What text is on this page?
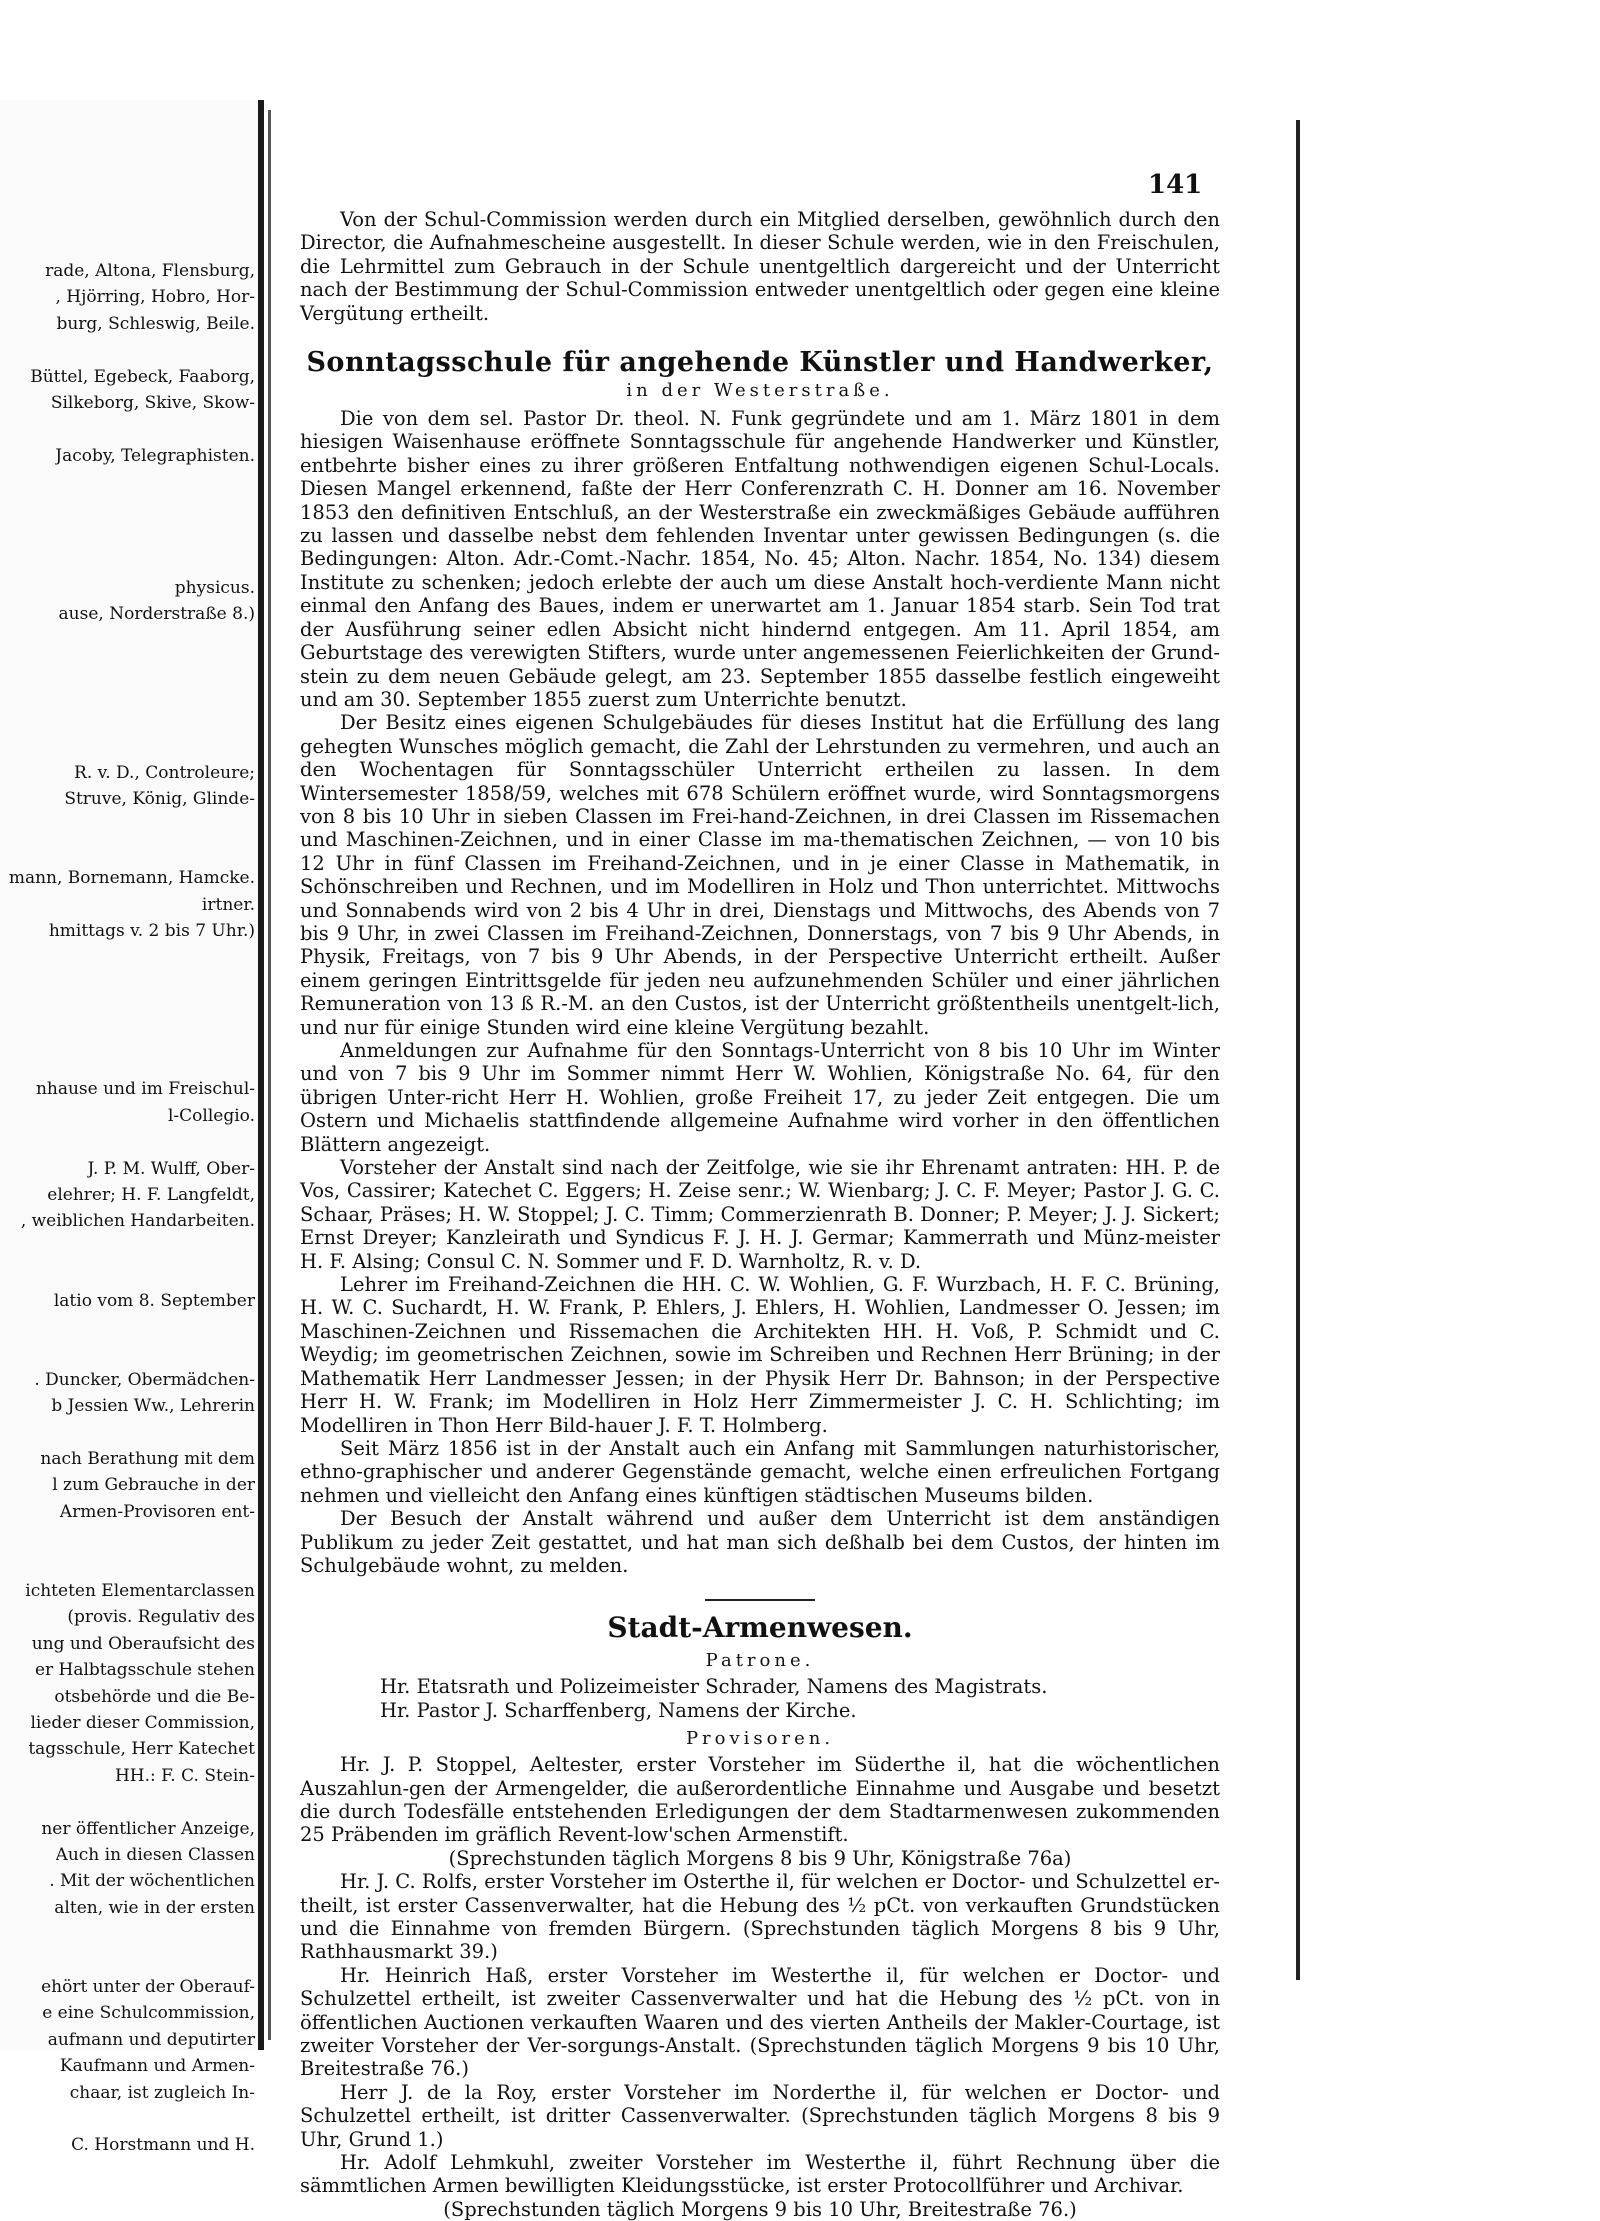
rade, Altona, Flensburg,
, Hjörring, Hobro, Hor-
burg, Schleswig, Beile.
Büttel, Egebeck, Faaborg,
Silkeborg, Skive, Skow-
Jacoby, Telegraphisten.
physicus.
ause, Norderstraße 8.)
R. v. D., Controleure;
Struve, König, Glinde-
mann, Bornemann, Hamcke.
irtner.
hmittags v. 2 bis 7 Uhr.)
nhause und im Freischul-
l-Collegio.
J. P. M. Wulff, Ober-
elehrer; H. F. Langfeldt,
, weiblichen Handarbeiten.
latio vom 8. September
. Duncker, Obermädchen-
b Jessien Ww., Lehrerin
nach Berathung mit dem
l zum Gebrauche in der
Armen-Provisoren ent-
ichteten Elementarclassen
(provis. Regulativ des
ung und Oberaufsicht des
er Halbtagsschule stehen
otsbehörde und die Be-
lieder dieser Commission,
tagsschule, Herr Katechet
HH.: F. C. Stein-
ner öffentlicher Anzeige,
Auch in diesen Classen
. Mit der wöchentlichen
alten, wie in der ersten
ehört unter der Oberauf-
e eine Schulcommission,
aufmann und deputirter
Kaufmann und Armen-
chaar, ist zugleich In-
C. Horstmann und H.
141

Von der Schul-Commission werden durch ein Mitglied derselben, gewöhnlich durch den Director, die Aufnahmescheine ausgestellt. In dieser Schule werden, wie in den Freischulen, die Lehrmittel zum Gebrauch in der Schule unentgeltlich dargereicht und der Unterricht nach der Bestimmung der Schul-Commission entweder unentgeltlich oder gegen eine kleine Vergütung ertheilt.

Sonntagsschule für angehende Künstler und Handwerker,
in der Westerstraße.

Die von dem sel. Pastor Dr. theol. N. Funk gegründete und am 1. März 1801 in dem hiesigen Waisenhause eröffnete Sonntagsschule für angehende Handwerker und Künstler, entbehrte bisher eines zu ihrer größeren Entfaltung nothwendigen eigenen Schul-Locals. Diesen Mangel erkennend, faßte der Herr Conferenzrath C. H. Donner am 16. November 1853 den definitiven Entschluß, an der Westerstraße ein zweckmäßiges Gebäude aufführen zu lassen und dasselbe nebst dem fehlenden Inventar unter gewissen Bedingungen (s. die Bedingungen: Alton. Adr.-Comt.-Nachr. 1854, No. 45; Alton. Nachr. 1854, No. 134) diesem Institute zu schenken; jedoch erlebte der auch um diese Anstalt hoch-verdiente Mann nicht einmal den Anfang des Baues, indem er unerwartet am 1. Januar 1854 starb. Sein Tod trat der Ausführung seiner edlen Absicht nicht hindernd entgegen. Am 11. April 1854, am Geburtstage des verewigten Stifters, wurde unter angemessenen Feierlichkeiten der Grund-stein zu dem neuen Gebäude gelegt, am 23. September 1855 dasselbe festlich eingeweiht und am 30. September 1855 zuerst zum Unterrichte benutzt.

Der Besitz eines eigenen Schulgebäudes für dieses Institut hat die Erfüllung des lang gehegten Wunsches möglich gemacht, die Zahl der Lehrstunden zu vermehren, und auch an den Wochentagen für Sonntagsschüler Unterricht ertheilen zu lassen. In dem Wintersemester 1858/59, welches mit 678 Schülern eröffnet wurde, wird Sonntagsmorgens von 8 bis 10 Uhr in sieben Classen im Frei-hand-Zeichnen, in drei Classen im Rissemachen und Maschinen-Zeichnen, und in einer Classe im ma-thematischen Zeichnen, — von 10 bis 12 Uhr in fünf Classen im Freihand-Zeichnen, und in je einer Classe in Mathematik, in Schönschreiben und Rechnen, und im Modelliren in Holz und Thon unterrichtet. Mittwochs und Sonnabends wird von 2 bis 4 Uhr in drei, Dienstags und Mittwochs, des Abends von 7 bis 9 Uhr, in zwei Classen im Freihand-Zeichnen, Donnerstags, von 7 bis 9 Uhr Abends, in Physik, Freitags, von 7 bis 9 Uhr Abends, in der Perspective Unterricht ertheilt. Außer einem geringen Eintrittsgelde für jeden neu aufzunehmenden Schüler und einer jährlichen Remuneration von 13 ß R.-M. an den Custos, ist der Unterricht größtentheils unentgelt-lich, und nur für einige Stunden wird eine kleine Vergütung bezahlt.

Anmeldungen zur Aufnahme für den Sonntags-Unterricht von 8 bis 10 Uhr im Winter und von 7 bis 9 Uhr im Sommer nimmt Herr W. Wohlien, Königstraße No. 64, für den übrigen Unter-richt Herr H. Wohlien, große Freiheit 17, zu jeder Zeit entgegen. Die um Ostern und Michaelis stattfindende allgemeine Aufnahme wird vorher in den öffentlichen Blättern angezeigt.

Vorsteher der Anstalt sind nach der Zeitfolge, wie sie ihr Ehrenamt antraten: HH. P. de Vos, Cassirer; Katechet C. Eggers; H. Zeise senr.; W. Wienbarg; J. C. F. Meyer; Pastor J. G. C. Schaar, Präses; H. W. Stoppel; J. C. Timm; Commerzienrath B. Donner; P. Meyer; J. J. Sickert; Ernst Dreyer; Kanzleirath und Syndicus F. J. H. J. Germar; Kammerrath und Münz-meister H. F. Alsing; Consul C. N. Sommer und F. D. Warnholtz, R. v. D.

Lehrer im Freihand-Zeichnen die HH. C. W. Wohlien, G. F. Wurzbach, H. F. C. Brüning, H. W. C. Suchardt, H. W. Frank, P. Ehlers, J. Ehlers, H. Wohlien, Landmesser O. Jessen; im Maschinen-Zeichnen und Rissemachen die Architekten HH. H. Voß, P. Schmidt und C. Weydig; im geometrischen Zeichnen, sowie im Schreiben und Rechnen Herr Brüning; in der Mathematik Herr Landmesser Jessen; in der Physik Herr Dr. Bahnson; in der Perspective Herr H. W. Frank; im Modelliren in Holz Herr Zimmermeister J. C. H. Schlichting; im Modelliren in Thon Herr Bild-hauer J. F. T. Holmberg.

Seit März 1856 ist in der Anstalt auch ein Anfang mit Sammlungen naturhistorischer, ethno-graphischer und anderer Gegenstände gemacht, welche einen erfreulichen Fortgang nehmen und vielleicht den Anfang eines künftigen städtischen Museums bilden.

Der Besuch der Anstalt während und außer dem Unterricht ist dem anständigen Publikum zu jeder Zeit gestattet, und hat man sich deßhalb bei dem Custos, der hinten im Schulgebäude wohnt, zu melden.

Stadt-Armenwesen.
Patrone.

Hr. Etatsrath und Polizeimeister Schrader, Namens des Magistrats.

Hr. Pastor J. Scharffenberg, Namens der Kirche.

Provisoren.

Hr. J. P. Stoppel, Aeltester, erster Vorsteher im Süderthe il, hat die wöchentlichen Auszahlun-gen der Armengelder, die außerordentliche Einnahme und Ausgabe und besetzt die durch Todesfälle entstehenden Erledigungen der dem Stadtarmenwesen zukommenden 25 Präbenden im gräflich Revent-low'schen Armenstift.

(Sprechstunden täglich Morgens 8 bis 9 Uhr, Königstraße 76a)

Hr. J. C. Rolfs, erster Vorsteher im Osterthe il, für welchen er Doctor- und Schulzettel er-theilt, ist erster Cassenverwalter, hat die Hebung des ½ pCt. von verkauften Grundstücken und die Einnahme von fremden Bürgern. (Sprechstunden täglich Morgens 8 bis 9 Uhr, Rathhausmarkt 39.)

Hr. Heinrich Haß, erster Vorsteher im Westerthe il, für welchen er Doctor- und Schulzettel ertheilt, ist zweiter Cassenverwalter und hat die Hebung des ½ pCt. von in öffentlichen Auctionen verkauften Waaren und des vierten Antheils der Makler-Courtage, ist zweiter Vorsteher der Ver-sorgungs-Anstalt. (Sprechstunden täglich Morgens 9 bis 10 Uhr, Breitestraße 76.)

Herr J. de la Roy, erster Vorsteher im Norderthe il, für welchen er Doctor- und Schulzettel ertheilt, ist dritter Cassenverwalter. (Sprechstunden täglich Morgens 8 bis 9 Uhr, Grund 1.)

Hr. Adolf Lehmkuhl, zweiter Vorsteher im Westerthe il, führt Rechnung über die sämmtlichen Armen bewilligten Kleidungsstücke, ist erster Protocollführer und Archivar.

(Sprechstunden täglich Morgens 9 bis 10 Uhr, Breitestraße 76.)
